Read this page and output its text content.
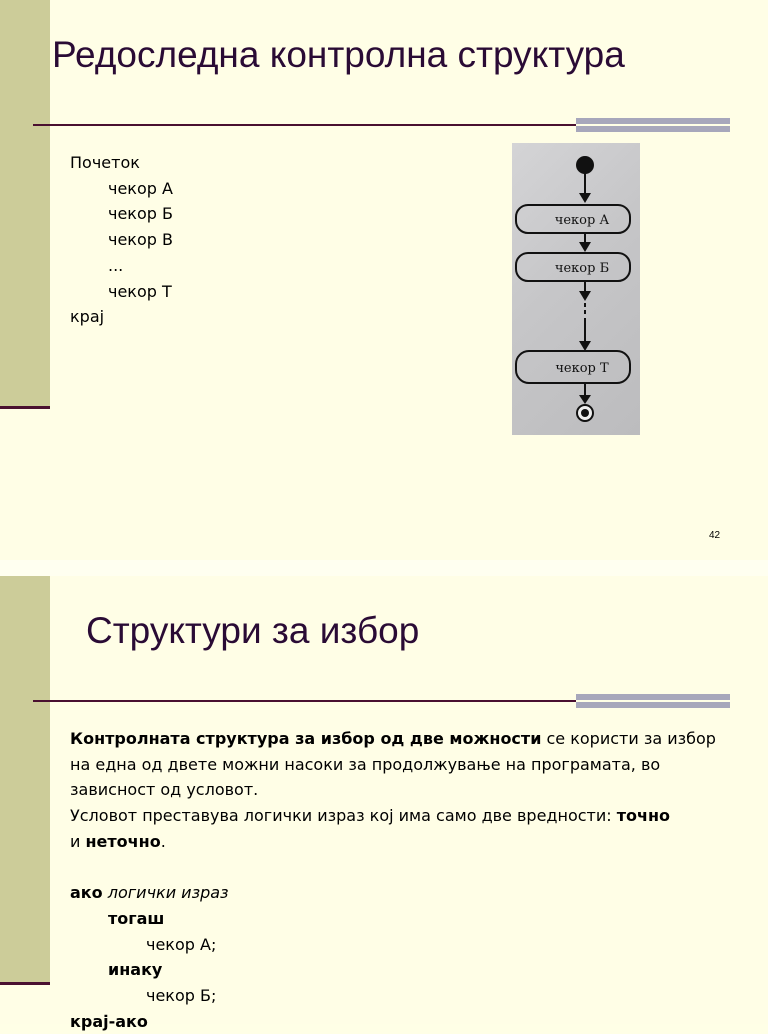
Редоследна контролна структура
Почеток
чекор А
чекор Б
чекор В
...
чекор Т
крај
чекор А
чекор Б
чекор Т
42
Структури за избор
Контролната структура за избор од две можности се користи за избор на една од двете можни насоки за продолжување на програмата, во зависност од условот.
Условот преставува логички израз кој има само две вредности: точно
и неточно.
ако логички израз
тогаш
чекор А;
инаку
чекор Б;
крај-ако
